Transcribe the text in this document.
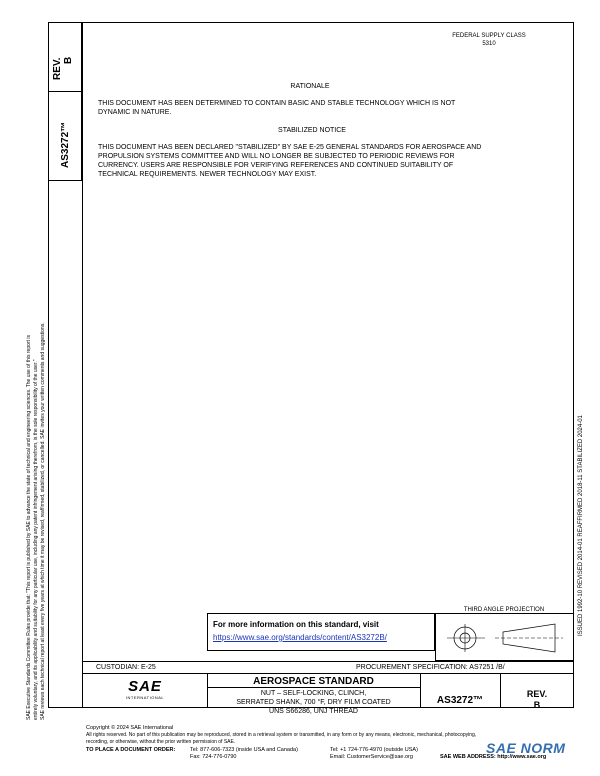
REV. B
AS3272™
FEDERAL SUPPLY CLASS
5310
RATIONALE
THIS DOCUMENT HAS BEEN DETERMINED TO CONTAIN BASIC AND STABLE TECHNOLOGY WHICH IS NOT
DYNAMIC IN NATURE.
STABILIZED NOTICE
THIS DOCUMENT HAS BEEN DECLARED "STABILIZED" BY SAE E-25 GENERAL STANDARDS FOR AEROSPACE AND
PROPULSION SYSTEMS COMMITTEE AND WILL NO LONGER BE SUBJECTED TO PERIODIC REVIEWS FOR
CURRENCY. USERS ARE RESPONSIBLE FOR VERIFYING REFERENCES AND CONTINUED SUITABILITY OF
TECHNICAL REQUIREMENTS. NEWER TECHNOLOGY MAY EXIST.
SAE Executive Standards Committee Rules provide that: "This report is published by SAE to advance the state of technical and engineering sciences. The use of this report is entirely voluntary, and its applicability and suitability for any particular use, including any patent infringement arising therefrom, is the sole responsibility of the user." SAE reviews each technical report at least every five years at which time it may be revised, reaffirmed, stabilized, or cancelled. SAE invites your written comments and suggestions.	ISSUED 1992-10 REVISED 2014-01 REAFFIRMED 2018-11 STABILIZED 2024-01
For more information on this standard, visit
https://www.sae.org/standards/content/AS3272B/
THIRD ANGLE PROJECTION
CUSTODIAN: E-25	PROCUREMENT SPECIFICATION: AS7251 /B/
SAE
INTERNATIONAL
AEROSPACE STANDARD
NUT – SELF-LOCKING, CLINCH,
SERRATED SHANK, 700 °F, DRY FILM COATED
UNS S66286, UNJ THREAD
AS3272™
REV.
B
Copyright © 2024 SAE International
All rights reserved. No part of this publication may be reproduced, stored in a retrieval system or transmitted, in any form or by any means, electronic, mechanical, photocopying,
recording, or otherwise, without the prior written permission of SAE.
TO PLACE A DOCUMENT ORDER:	Tel: 877-606-7323 (inside USA and Canada)
Fax: 724-776-0790
Tel: +1 724-776-4970 (outside USA)
Email: CustomerService@sae.org	SAE WEB ADDRESS: http://www.sae.org
SAE NORM
